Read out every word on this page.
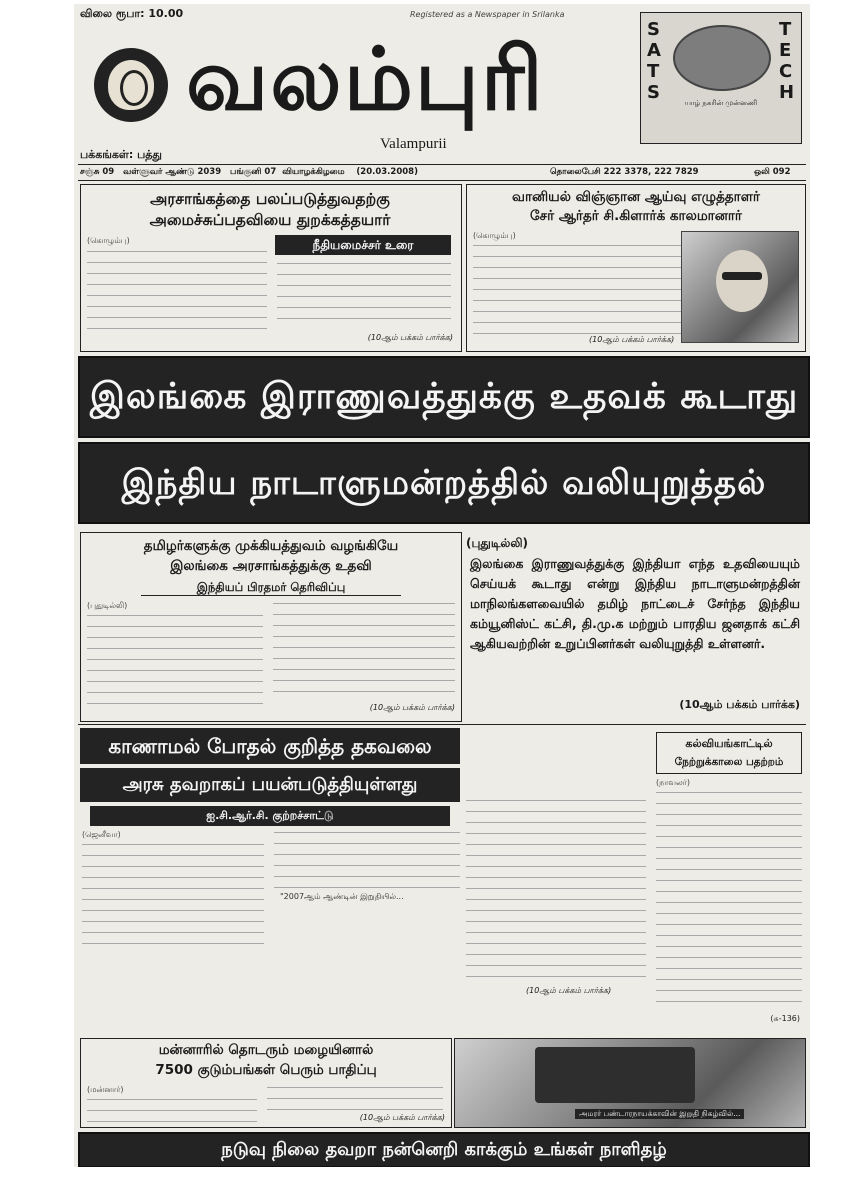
விலை ரூபா: 10.00	Registered as a Newspaper in Srilanka
வலம்புரி
Valampurii
பக்கங்கள்: பத்து
SATS
TECH
யாழ் நகரின் முன்னணி
சஞ்சு 09 வள்ளுவர் ஆண்டு 2039 பங்குனி 07 வியாழக்கிழமை (20.03.2008)	தொலைபேசி 222 3378, 222 7829	ஒலி 092
அரசாங்கத்தை பலப்படுத்துவதற்கு அமைச்சுப்பதவியை துறக்கத்தயார்
(கொழும்பு)	நீதியமைச்சர் உரை
(10ஆம் பக்கம் பார்க்க)
வானியல் விஞ்ஞான ஆய்வு எழுத்தாளர்
சேர் ஆர்தர் சி.கிளார்க் காலமானார்
(கொழும்பு)
(10ஆம் பக்கம் பார்க்க)
இலங்கை இராணுவத்துக்கு உதவக் கூடாது
இந்திய நாடாளுமன்றத்தில் வலியுறுத்தல்
தமிழர்களுக்கு முக்கியத்துவம் வழங்கியே
இலங்கை அரசாங்கத்துக்கு உதவி
இந்தியப் பிரதமர் தெரிவிப்பு
(புதுடில்லி)
(10ஆம் பக்கம் பார்க்க)
(புதுடில்லி)
இலங்கை இராணுவத்துக்கு இந்தியா எந்த உதவியையும் செய்யக் கூடாது என்று இந்திய நாடாளுமன்றத்தின் மாநிலங்களவையில் தமிழ் நாட்டைச் சேர்ந்த இந்திய கம்யூனிஸ்ட் கட்சி, தி.மு.க மற்றும் பாரதிய ஜனதாக் கட்சி ஆகியவற்றின் உறுப்பினர்கள் வலியுறுத்தி உள்ளனர்.
(10ஆம் பக்கம் பார்க்க)
காணாமல் போதல் குறித்த தகவலை
அரசு தவறாகப் பயன்படுத்தியுள்ளது
ஐ.சி.ஆர்.சி. குற்றச்சாட்டு
(ஜெனீவா)
"2007ஆம் ஆண்டின் இறுதியில்...
(10ஆம் பக்கம் பார்க்க)
கல்வியங்காட்டில்
நேற்றுக்காலை பதற்றம்
(நாவலர்)
(சு-136)
மன்னாரில் தொடரும் மழையினால்
7500 குடும்பங்கள் பெரும் பாதிப்பு
(மன்னார்)
(10ஆம் பக்கம் பார்க்க)	அமரர் பண்டாரநாயக்காவின் இறுதி நிகழ்வில்...
நடுவு நிலை தவறா நன்னெறி காக்கும் உங்கள் நாளிதழ்
